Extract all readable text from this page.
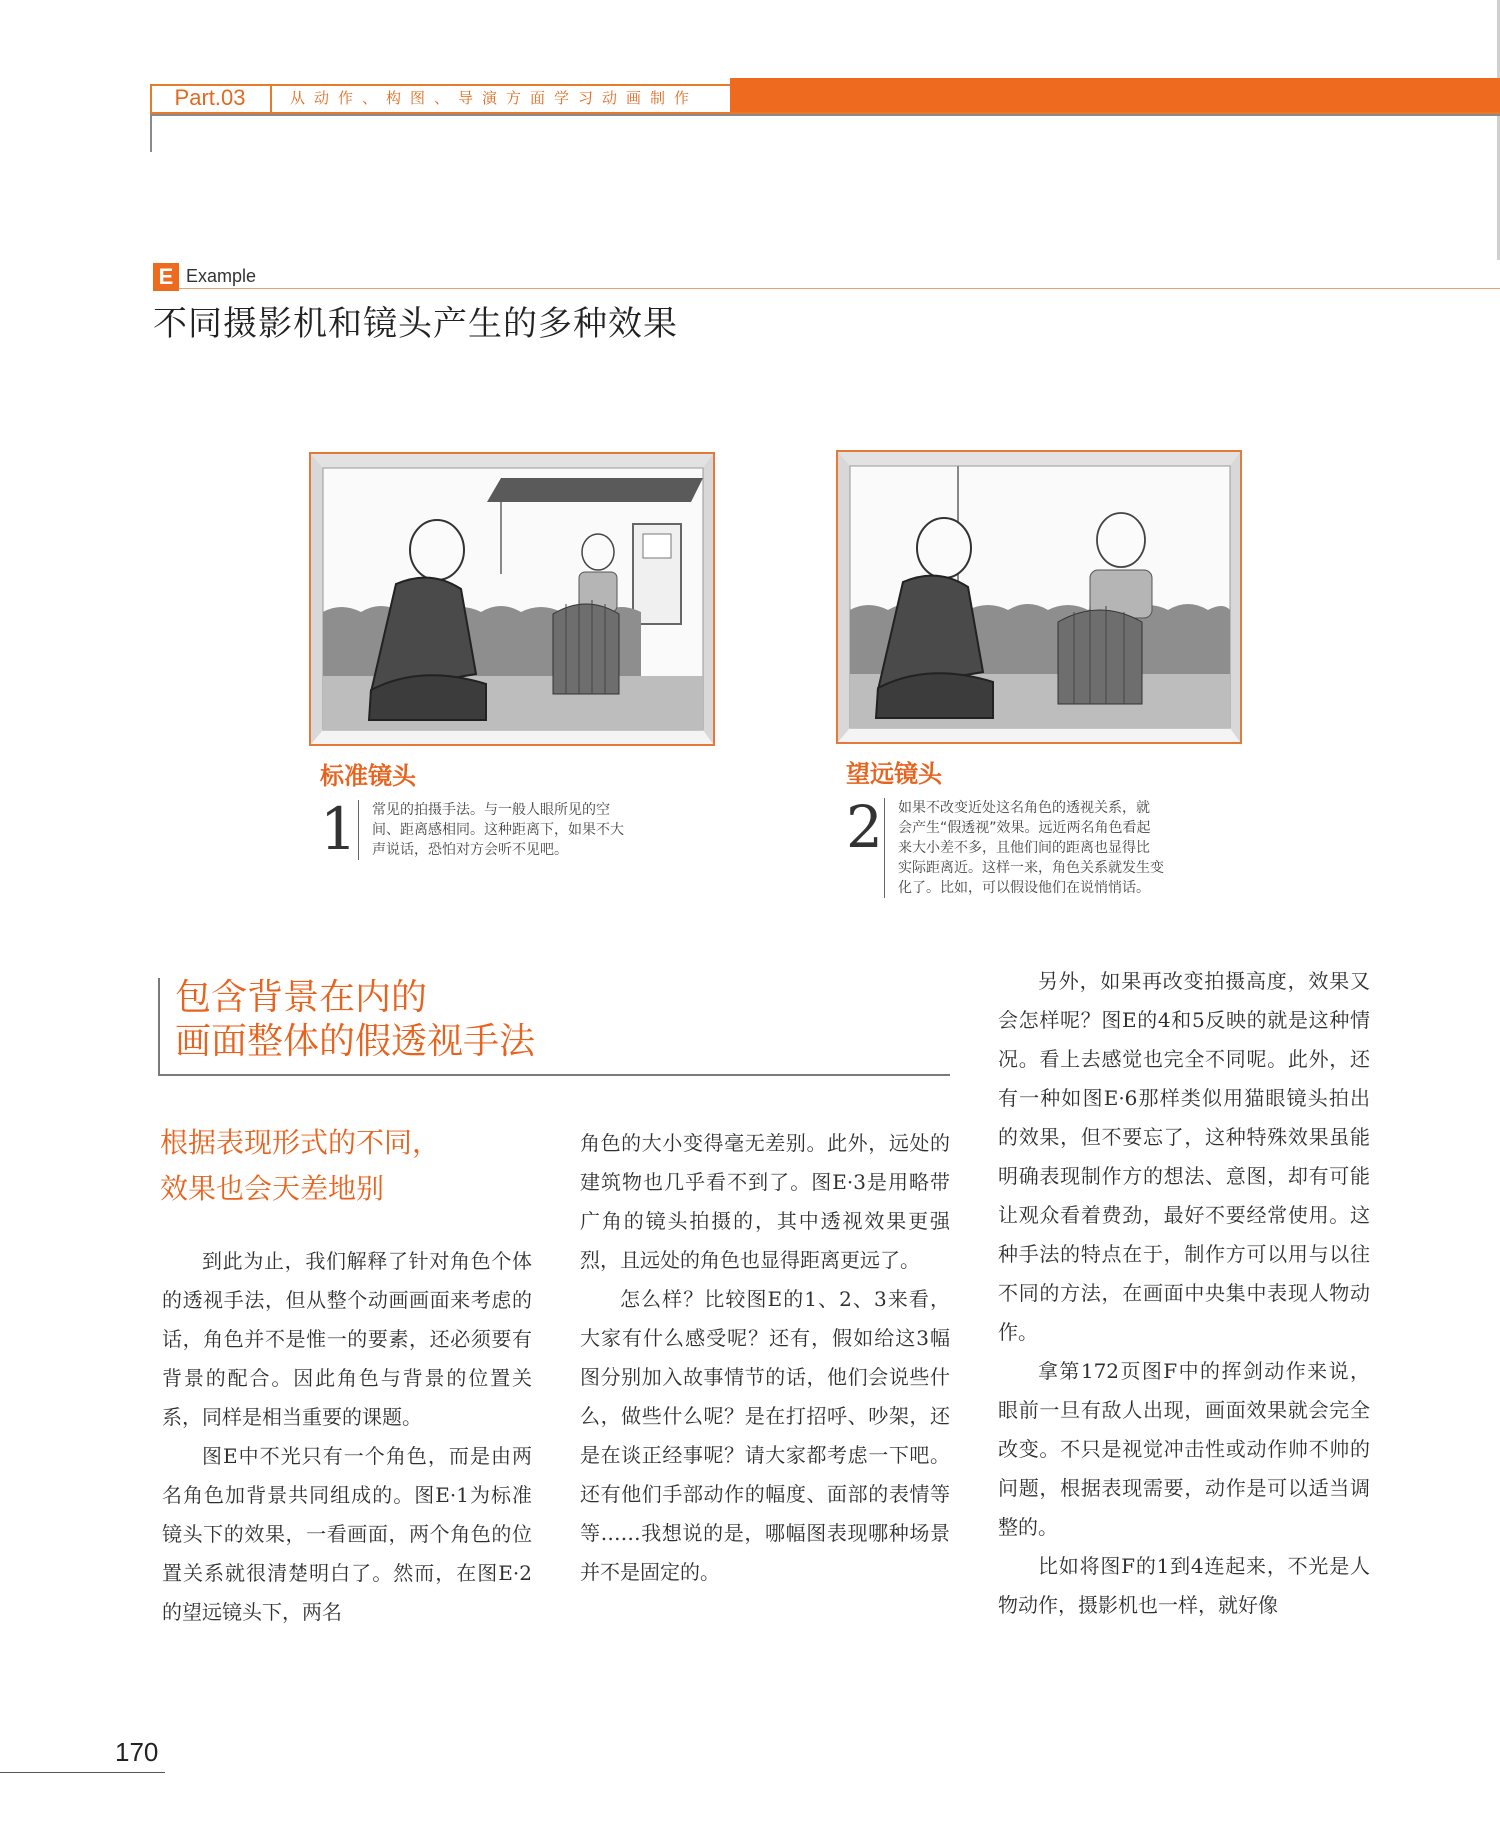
Part.03	从动作、构图、导演方面学习动画制作
E Example
不同摄影机和镜头产生的多种效果
标准镜头
1 常见的拍摄手法。与一般人眼所见的空
间、距离感相同。这种距离下，如果不大
声说话，恐怕对方会听不见吧。
望远镜头
2 如果不改变近处这名角色的透视关系，就
会产生“假透视”效果。远近两名角色看起
来大小差不多，且他们间的距离也显得比
实际距离近。这样一来，角色关系就发生变
化了。比如，可以假设他们在说悄悄话。
包含背景在内的
画面整体的假透视手法
根据表现形式的不同，
效果也会天差地别

到此为止，我们解释了针对角色个体的透视手法，但从整个动画画面来考虑的话，角色并不是惟一的要素，还必须要有背景的配合。因此角色与背景的位置关系，同样是相当重要的课题。

图E中不光只有一个角色，而是由两名角色加背景共同组成的。图E·1为标准镜头下的效果，一看画面，两个角色的位置关系就很清楚明白了。然而，在图E·2的望远镜头下，两名

角色的大小变得毫无差别。此外，远处的建筑物也几乎看不到了。图E·3是用略带广角的镜头拍摄的，其中透视效果更强烈，且远处的角色也显得距离更远了。

怎么样？比较图E的1、2、3来看，大家有什么感受呢？还有，假如给这3幅图分别加入故事情节的话，他们会说些什么，做些什么呢？是在打招呼、吵架，还是在谈正经事呢？请大家都考虑一下吧。还有他们手部动作的幅度、面部的表情等等……我想说的是，哪幅图表现哪种场景并不是固定的。

另外，如果再改变拍摄高度，效果又会怎样呢？图E的4和5反映的就是这种情况。看上去感觉也完全不同呢。此外，还有一种如图E·6那样类似用猫眼镜头拍出的效果，但不要忘了，这种特殊效果虽能明确表现制作方的想法、意图，却有可能让观众看着费劲，最好不要经常使用。这种手法的特点在于，制作方可以用与以往不同的方法，在画面中央集中表现人物动作。

拿第172页图F中的挥剑动作来说，眼前一旦有敌人出现，画面效果就会完全改变。不只是视觉冲击性或动作帅不帅的问题，根据表现需要，动作是可以适当调整的。

比如将图F的1到4连起来，不光是人物动作，摄影机也一样，就好像

170
